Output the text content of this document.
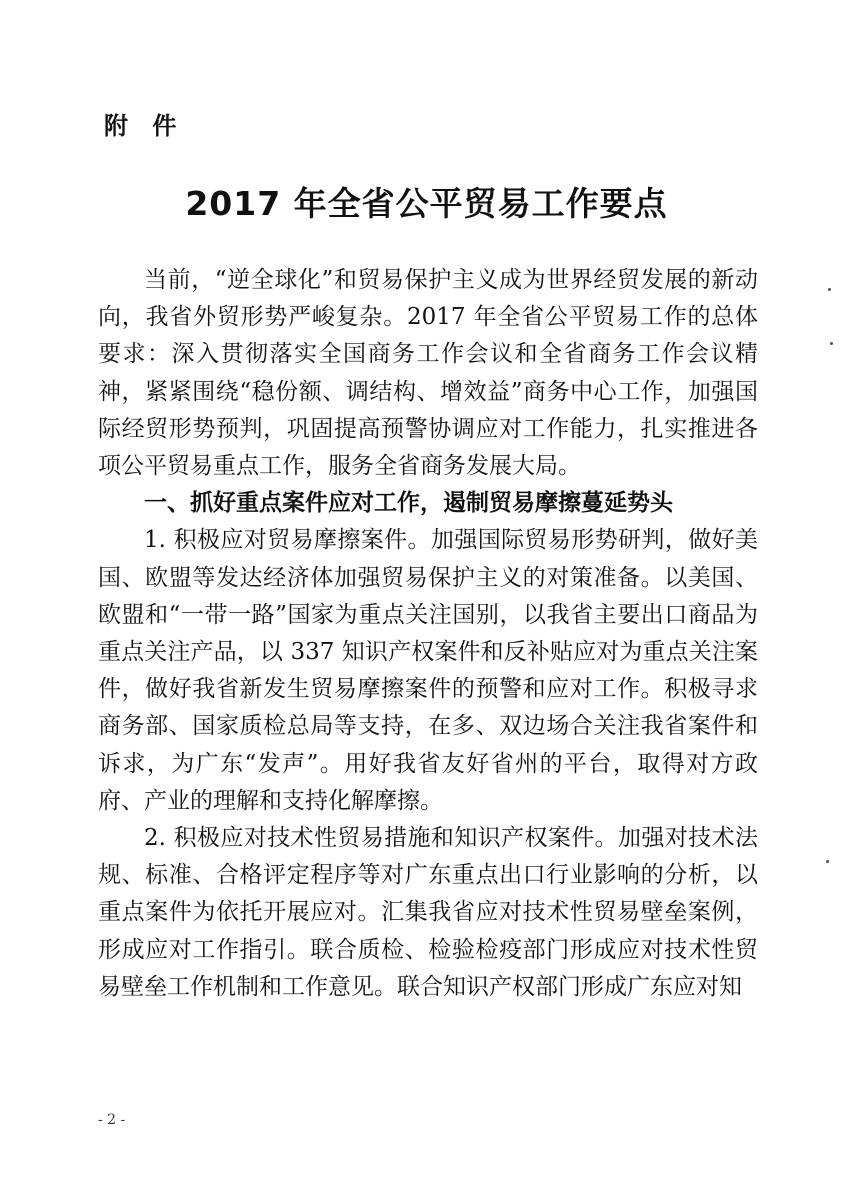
附 件
2017 年全省公平贸易工作要点

当前，“逆全球化”和贸易保护主义成为世界经贸发展的新动向，我省外贸形势严峻复杂。2017 年全省公平贸易工作的总体要求：深入贯彻落实全国商务工作会议和全省商务工作会议精神，紧紧围绕“稳份额、调结构、增效益”商务中心工作，加强国际经贸形势预判，巩固提高预警协调应对工作能力，扎实推进各项公平贸易重点工作，服务全省商务发展大局。

一、抓好重点案件应对工作，遏制贸易摩擦蔓延势头

1. 积极应对贸易摩擦案件。加强国际贸易形势研判，做好美国、欧盟等发达经济体加强贸易保护主义的对策准备。以美国、欧盟和“一带一路”国家为重点关注国别，以我省主要出口商品为重点关注产品，以 337 知识产权案件和反补贴应对为重点关注案件，做好我省新发生贸易摩擦案件的预警和应对工作。积极寻求商务部、国家质检总局等支持，在多、双边场合关注我省案件和诉求，为广东“发声”。用好我省友好省州的平台，取得对方政府、产业的理解和支持化解摩擦。

2. 积极应对技术性贸易措施和知识产权案件。加强对技术法规、标准、合格评定程序等对广东重点出口行业影响的分析，以重点案件为依托开展应对。汇集我省应对技术性贸易壁垒案例，形成应对工作指引。联合质检、检验检疫部门形成应对技术性贸易壁垒工作机制和工作意见。联合知识产权部门形成广东应对知

- 2 -
